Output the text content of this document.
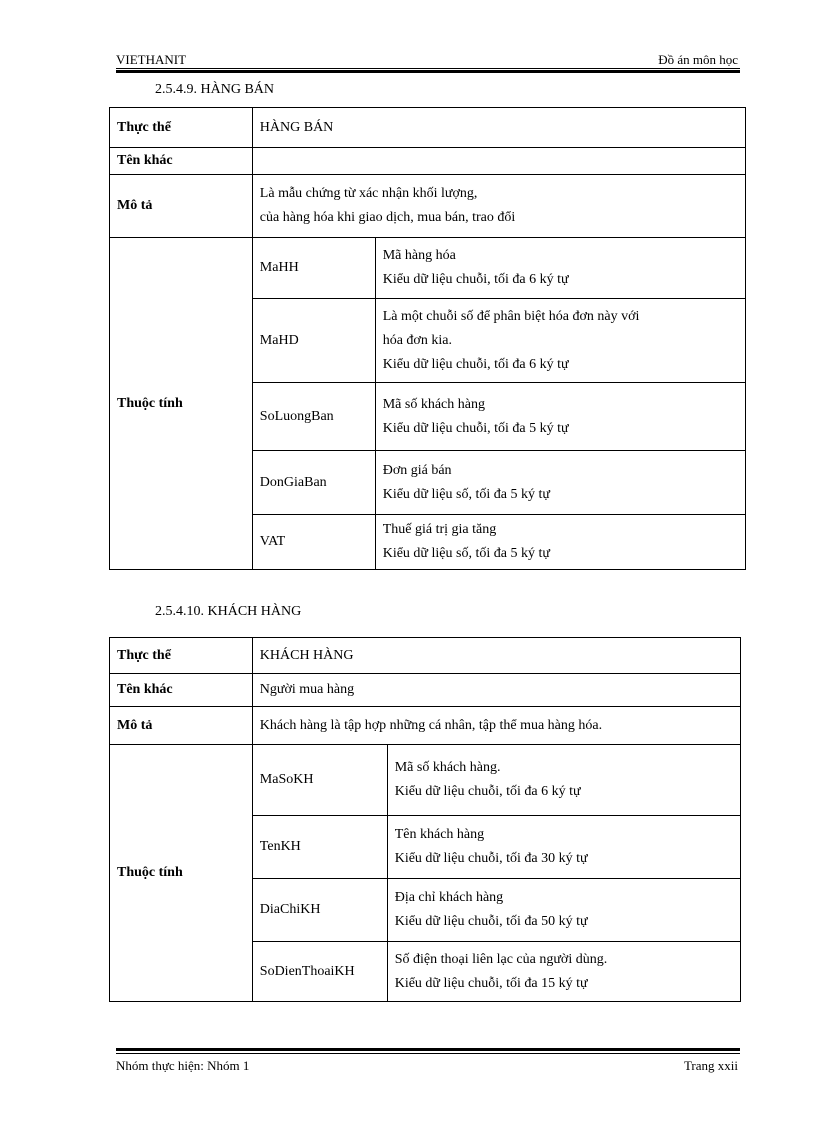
VIETHANIT	Đồ án môn học
2.5.4.9. HÀNG BÁN
Thực thể	HÀNG BÁN	
Tên khác		
Mô tả	Là mẫu chứng từ xác nhận khối lượng,
của hàng hóa khi giao dịch, mua bán, trao đổi	

Thuộc tính	MaHH	Mã hàng hóa
Kiểu dữ liệu chuỗi, tối đa 6 ký tự

	MaHD	Là một chuỗi số để phân biệt hóa đơn này với
hóa đơn kia.
Kiểu dữ liệu chuỗi, tối đa 6 ký tự

	SoLuongBan	Mã số khách hàng
Kiểu dữ liệu chuỗi, tối đa 5 ký tự

	DonGiaBan	Đơn giá bán
Kiểu dữ liệu số, tối đa 5 ký tự

	VAT	Thuế giá trị gia tăng
Kiểu dữ liệu số, tối đa 5 ký tự
2.5.4.10. KHÁCH HÀNG
Thực thể	KHÁCH HÀNG	
Tên khác	Người mua hàng	
Mô tả	Khách hàng là tập hợp những cá nhân, tập thể mua hàng hóa.	
Thuộc tính	MaSoKH	Mã số khách hàng.
Kiểu dữ liệu chuỗi, tối đa 6 ký tự

	TenKH	Tên khách hàng
Kiểu dữ liệu chuỗi, tối đa 30 ký tự

	DiaChiKH	Địa chỉ khách hàng
Kiểu dữ liệu chuỗi, tối đa 50 ký tự

	SoDienThoaiKH	Số điện thoại liên lạc của người dùng.
Kiểu dữ liệu chuỗi, tối đa 15 ký tự
Nhóm thực hiện: Nhóm 1	Trang xxii
